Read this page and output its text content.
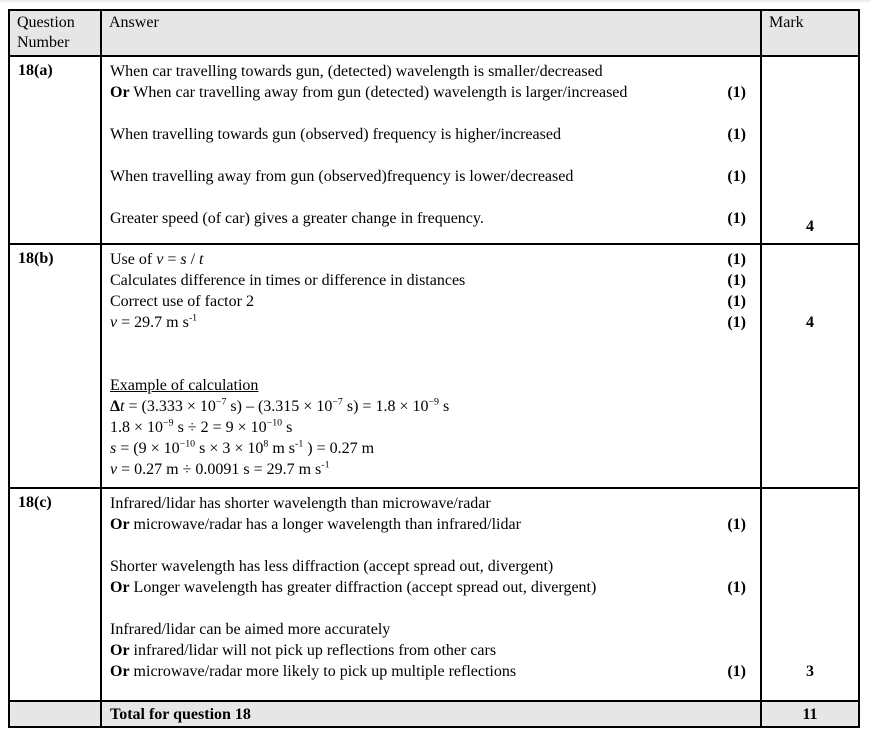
Question Number	Answer	Mark
18(a)	When car travelling towards gun, (detected) wavelength is smaller/decreased
Or When car travelling away from gun (detected) wavelength is larger/increased	(1)
When travelling towards gun (observed) frequency is higher/increased	(1)
When travelling away from gun (observed)frequency is lower/decreased	(1)
Greater speed (of car) gives a greater change in frequency.	(1)	4

18(b)	Use of v = s / t	(1)
Calculates difference in times or difference in distances	(1)
Correct use of factor 2	(1)
v = 29.7 m $s^{-1}$	(1)
Example of calculation
$\Delta t = (3.333 \times 10^{-7}$ $s) - (3.315 \times 10^{-7}$ $s) = 1.8 \times 10^{-9}$ s
$1.8 \times 10^{-9}$ $s \div 2 = 9 \times 10^{-10}$ s
$s = (9 \times 10^{-10}$ $s \times 3 \times 10^8$ m $s^{-1}$ ) = 0.27 m
v = 0.27 m ÷ 0.0091 s = 29.7 m $s^{-1}$

4

18(c)	Infrared/lidar has shorter wavelength than microwave/radar
Or microwave/radar has a longer wavelength than infrared/lidar	(1)
Shorter wavelength has less diffraction (accept spread out, divergent)
Or Longer wavelength has greater diffraction (accept spread out, divergent)	(1)
Infrared/lidar can be aimed more accurately
Or infrared/lidar will not pick up reflections from other cars
Or microwave/radar more likely to pick up multiple reflections	(1)	3

	Total for question 18	11
